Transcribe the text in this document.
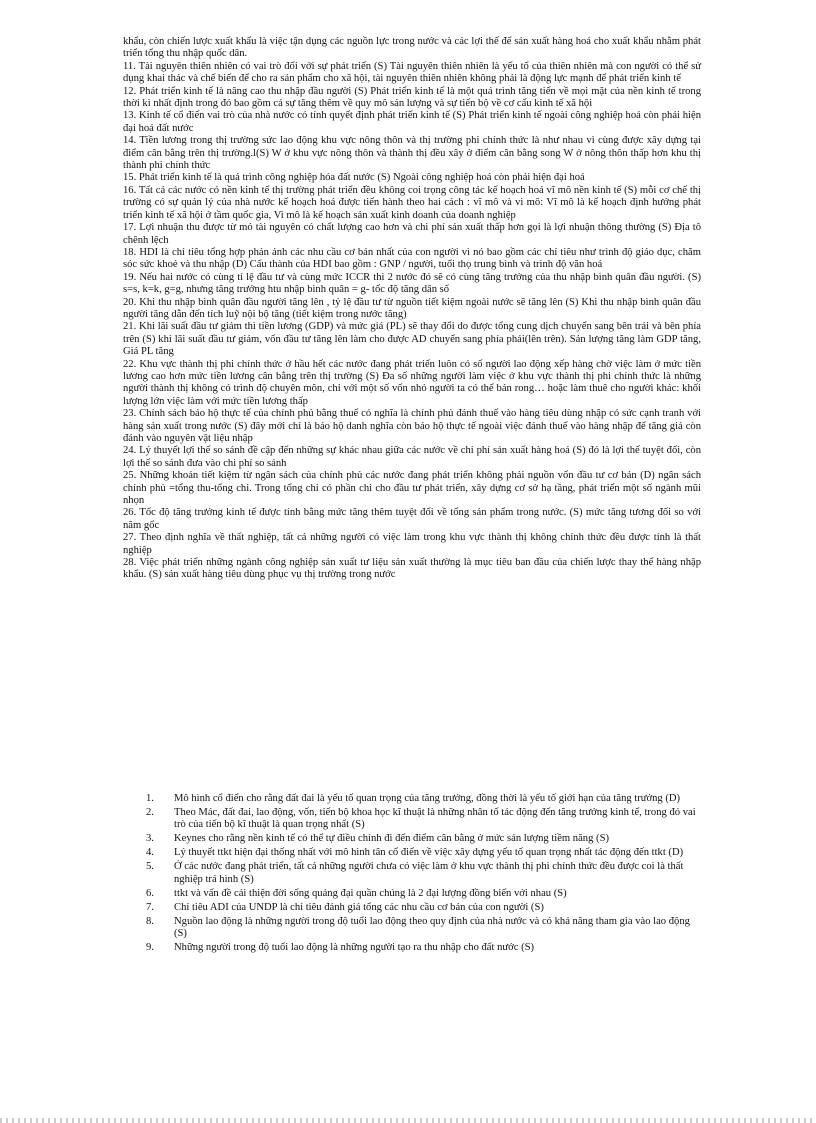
khẩu, còn chiến lược xuất khẩu là việc tận dụng các nguồn lực trong nước và các lợi thế để sản xuất hàng hoá cho xuất khẩu nhằm phát triển tổng thu nhập quốc dân.

11. Tài nguyên thiên nhiên có vai trò đối với sự phát triển (S) Tài nguyên thiên nhiên là yếu tố của thiên nhiên mà con người có thể sử dụng khai thác và chế biến để cho ra sản phẩm cho xã hội, tài nguyên thiên nhiên không phải là động lực mạnh để phát triển kinh tế

12. Phát triển kinh tế là nâng cao thu nhập đầu người (S) Phát triển kinh tế là một quá trình tăng tiến về mọi mặt của nền kinh tế trong thời kì nhất định trong đó bao gồm cả sự tăng thêm về quy mô sản lượng và sự tiến bộ về cơ cấu kinh tế xã hội

13. Kinh tế cổ điển vai trò của nhà nước có tính quyết định phát triển kinh tế (S) Phát triển kinh tế ngoài công nghiệp hoá còn phải hiện đại hoá đất nước

14. Tiền lương trong thị trường sức lao động khu vực nông thôn và thị trường phi chính thức là như nhau vì cùng được xây dựng tại điểm cân bằng trên thị trường.l(S) W ở khu vực nông thôn và thành thị đều xây ở điểm cân bằng song W ở nông thôn thấp hơn khu thị thành phi chính thức

15. Phát triển kinh tế là quá trình công nghiệp hóa đất nước (S) Ngoài công nghiệp hoá còn phải hiện đại hoá

16. Tất cả các nước có nền kinh tế thị trường phát triển đều không coi trọng công tác kế hoạch hoá vĩ mô nền kinh tế (S) mỗi cơ chế thị trường có sự quản lý của nhà nước kế hoạch hoá được tiến hành theo hai cách : vĩ mô và vi mô: Vĩ mô là kế hoạch định hướng phát triển kinh tế xã hội ở tầm quốc gia, Vi mô là kế hoạch sản xuất kinh doanh của doanh nghiệp

17. Lợi nhuận thu được từ mỏ tài nguyên có chất lượng cao hơn và chi phí sản xuất thấp hơn gọi là lợi nhuận thông thường (S) Địa tô chênh lệch

18. HDI là chỉ tiêu tổng hợp phản ánh các nhu cầu cơ bản nhất của con người vì nó bao gồm các chỉ tiêu như trình độ giáo dục, chăm sóc sức khoẻ và thu nhập (D) Cấu thành của HDI bao gồm : GNP / người, tuổi thọ trung bình và trình độ văn hoá

19. Nếu hai nước có cùng tỉ lệ đầu tư và cùng mức ICCR thì 2 nước đó sẽ có cùng tăng trưởng của thu nhập bình quân đầu người. (S) s=s, k=k, g=g, nhưng tăng trưởng htu nhập bình quân = g- tốc độ tăng dân số

20. Khi thu nhập bình quân đầu người tăng lên , tỷ lệ đầu tư từ nguồn tiết kiệm ngoài nước sẽ tăng lên (S) Khi thu nhập bình quân đầu người tăng dẫn đến tích luỹ nội bộ tăng (tiết kiệm trong nước tăng)

21. Khi lãi suất đầu tư giảm thì tiền lương (GDP) và mức giá (PL) sẽ thay đổi do được tổng cung dịch chuyển sang bên trái và bên phía trên (S) khi lãi suất đầu tư giảm, vốn đầu tư tăng lên làm cho được AD chuyển sang phía phải(lên trên). Sản lượng tăng làm GDP tăng, Giá PL tăng

22. Khu vực thành thị phi chính thức ở hầu hết các nước đang phát triển luôn có số người lao động xếp hàng chờ việc làm ở mức tiền lương cao hơn mức tiền lương cân bằng trên thị trường (S) Đa số những người làm việc ở khu vực thành thị phi chính thức là những người thành thị không có trình độ chuyên môn, chỉ với một số vốn nhỏ người ta có thể bán rong… hoặc làm thuê cho người khác: khối lượng lớn việc làm với mức tiền lương thấp

23. Chính sách bảo hộ thực tế của chính phủ bằng thuế có nghĩa là chính phủ đánh thuế vào hàng tiêu dùng nhập có sức cạnh tranh với hàng sản xuất trong nước (S) đây mới chỉ là bảo hộ danh nghĩa còn bảo hộ thực tế ngoài việc đánh thuế vào hàng nhập để tăng giá còn đánh vào nguyên vật liệu nhập

24. Lý thuyết lợi thế so sánh đề cập đến những sự khác nhau giữa các nước về chi phí sản xuất hàng hoá (S) đó là lợi thế tuyệt đối, còn lợi thế so sánh đưa vào chi phí so sánh

25. Những khoản tiết kiệm từ ngân sách của chính phủ các nước đang phát triển không phải nguồn vốn đầu tư cơ bản (D) ngân sách chính phủ =tổng thu-tổng chi. Trong tổng chi có phần chi cho đầu tư phát triển, xây dựng cơ sở hạ tầng, phát triển một số ngành mũi nhọn

26. Tốc độ tăng trưởng kinh tế được tính bằng mức tăng thêm tuyệt đối về tổng sản phẩm trong nước. (S) mức tăng tương đối so với năm gốc

27. Theo định nghĩa về thất nghiệp, tất cả những người có việc làm trong khu vực thành thị không chính thức đều được tính là thất nghiệp

28. Việc phát triển những ngành công nghiệp sản xuất tư liệu sản xuất thường là mục tiêu ban đầu của chiến lược thay thế hàng nhập khẩu. (S) sản xuất hàng tiêu dùng phục vụ thị trường trong nước

1.	Mô hình cổ điển cho rằng đất đai là yếu tố quan trọng của tăng trưởng, đồng thời là yếu tố giới hạn của tăng trưởng (D)
2.	Theo Mác, đất đai, lao động, vốn, tiến bộ khoa học kĩ thuật là những nhân tố tác động đến tăng trưởng kinh tế, trong đó vai trò của tiến bộ kĩ thuật là quan trọng nhất (S)
3.	Keynes cho rằng nền kinh tế có thể tự điều chỉnh đi đến điểm cân bằng ở mức sản lượng tiềm năng (S)
4.	Lý thuyết ttkt hiện đại thống nhất với mô hình tân cổ điển về việc xây dựng yếu tố quan trọng nhất tác động đến ttkt (D)
5.	Ở các nước đang phát triển, tất cả những người chưa có việc làm ở khu vực thành thị phi chính thức đều được coi là thất nghiệp trá hình (S)
6.	ttkt và vấn đề cải thiện đời sống quảng đại quần chúng là 2 đại lượng đồng biến với nhau (S)
7.	Chỉ tiêu ADI của UNDP là chỉ tiêu đánh giá tổng các nhu cầu cơ bản của con người (S)
8.	Nguồn lao động là những người trong độ tuổi lao động theo quy định của nhà nước và có khả năng tham gia vào lao động (S)
9.	Những người trong độ tuổi lao động là những người tạo ra thu nhập cho đất nước (S)
